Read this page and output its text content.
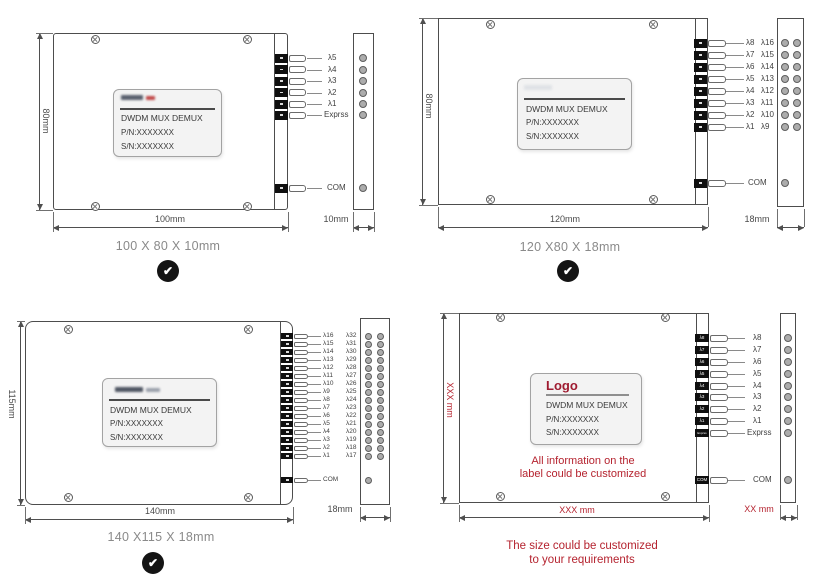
DWDM MUX DEMUX
P/N:XXXXXXX
S/N:XXXXXXX
100 X 80 X 10mm
✔
λ5
λ4
λ3
λ2
λ1
Exprss
COM
80mm
100mm	10mm
DWDM MUX DEMUX
P/N:XXXXXXX
S/N:XXXXXXX
120 X80 X 18mm
✔
λ8 λ16
λ7 λ15
λ6 λ14
λ5 λ13
λ4 λ12
λ3 λ11
λ2 λ10
λ1 λ9
COM
80mm
120mm	18mm
DWDM MUX DEMUX
P/N:XXXXXXX
S/N:XXXXXXX
140 X115 X 18mm
✔
λ16 λ32
λ15 λ31
λ14 λ30
λ13 λ29
λ12 λ28
λ11 λ27
λ10 λ26
λ9 λ25
λ8 λ24
λ7 λ23
λ6 λ22
λ5 λ21
λ4 λ20
λ3 λ19
λ2 λ18
λ1 λ17
COM
115mm
140mm	18mm
Logo
DWDM MUX DEMUX
P/N:XXXXXXX
S/N:XXXXXXX
All information on the
label could be customized
The size could be customized
to your requirements
λ8	λ8
λ7	λ7
λ6	λ6
λ5	λ5
λ4	λ4
λ3	λ3
λ2	λ2
λ1	λ1
Exprss	Exprss
COM	COM
XXX mm
XXX mm	XX mm
